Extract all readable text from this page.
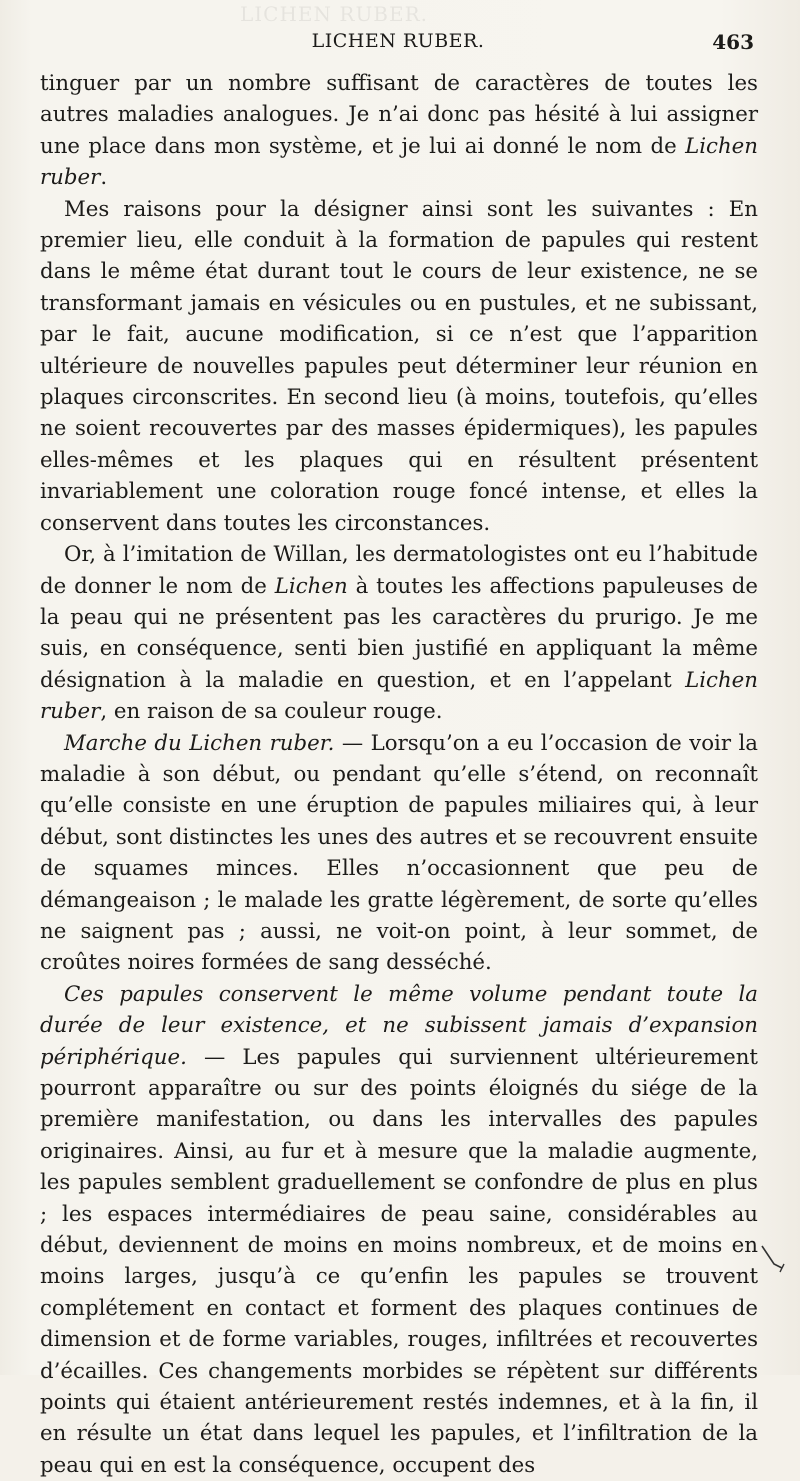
LICHEN RUBER.
LICHEN RUBER.	463

tinguer par un nombre suffisant de caractères de toutes les autres maladies analogues. Je n’ai donc pas hésité à lui assigner une place dans mon système, et je lui ai donné le nom de Lichen ruber.

Mes raisons pour la désigner ainsi sont les suivantes : En premier lieu, elle conduit à la formation de papules qui restent dans le même état durant tout le cours de leur existence, ne se transformant jamais en vésicules ou en pustules, et ne subissant, par le fait, aucune modification, si ce n’est que l’apparition ultérieure de nouvelles papules peut déterminer leur réunion en plaques circonscrites. En second lieu (à moins, toutefois, qu’elles ne soient recouvertes par des masses épidermiques), les papules elles-mêmes et les plaques qui en résultent présentent invariablement une coloration rouge foncé intense, et elles la conservent dans toutes les circonstances.

Or, à l’imitation de Willan, les dermatologistes ont eu l’habitude de donner le nom de Lichen à toutes les affections papuleuses de la peau qui ne présentent pas les caractères du prurigo. Je me suis, en conséquence, senti bien justifié en appliquant la même désignation à la maladie en question, et en l’appelant Lichen ruber, en raison de sa couleur rouge.

Marche du Lichen ruber. — Lorsqu’on a eu l’occasion de voir la maladie à son début, ou pendant qu’elle s’étend, on reconnaît qu’elle consiste en une éruption de papules miliaires qui, à leur début, sont distinctes les unes des autres et se recouvrent ensuite de squames minces. Elles n’occasionnent que peu de démangeaison ; le malade les gratte légèrement, de sorte qu’elles ne saignent pas ; aussi, ne voit-on point, à leur sommet, de croûtes noires formées de sang desséché.

Ces papules conservent le même volume pendant toute la durée de leur existence, et ne subissent jamais d’expansion périphérique. — Les papules qui surviennent ultérieurement pourront apparaître ou sur des points éloignés du siége de la première manifestation, ou dans les intervalles des papules originaires. Ainsi, au fur et à mesure que la maladie augmente, les papules semblent graduellement se confondre de plus en plus ; les espaces intermédiaires de peau saine, considérables au début, deviennent de moins en moins nombreux, et de moins en moins larges, jusqu’à ce qu’enfin les papules se trouvent complétement en contact et forment des plaques continues de dimension et de forme variables, rouges, infiltrées et recouvertes d’écailles. Ces changements morbides se répètent sur différents points qui étaient antérieurement restés indemnes, et à la fin, il en résulte un état dans lequel les papules, et l’infiltration de la peau qui en est la conséquence, occupent des
